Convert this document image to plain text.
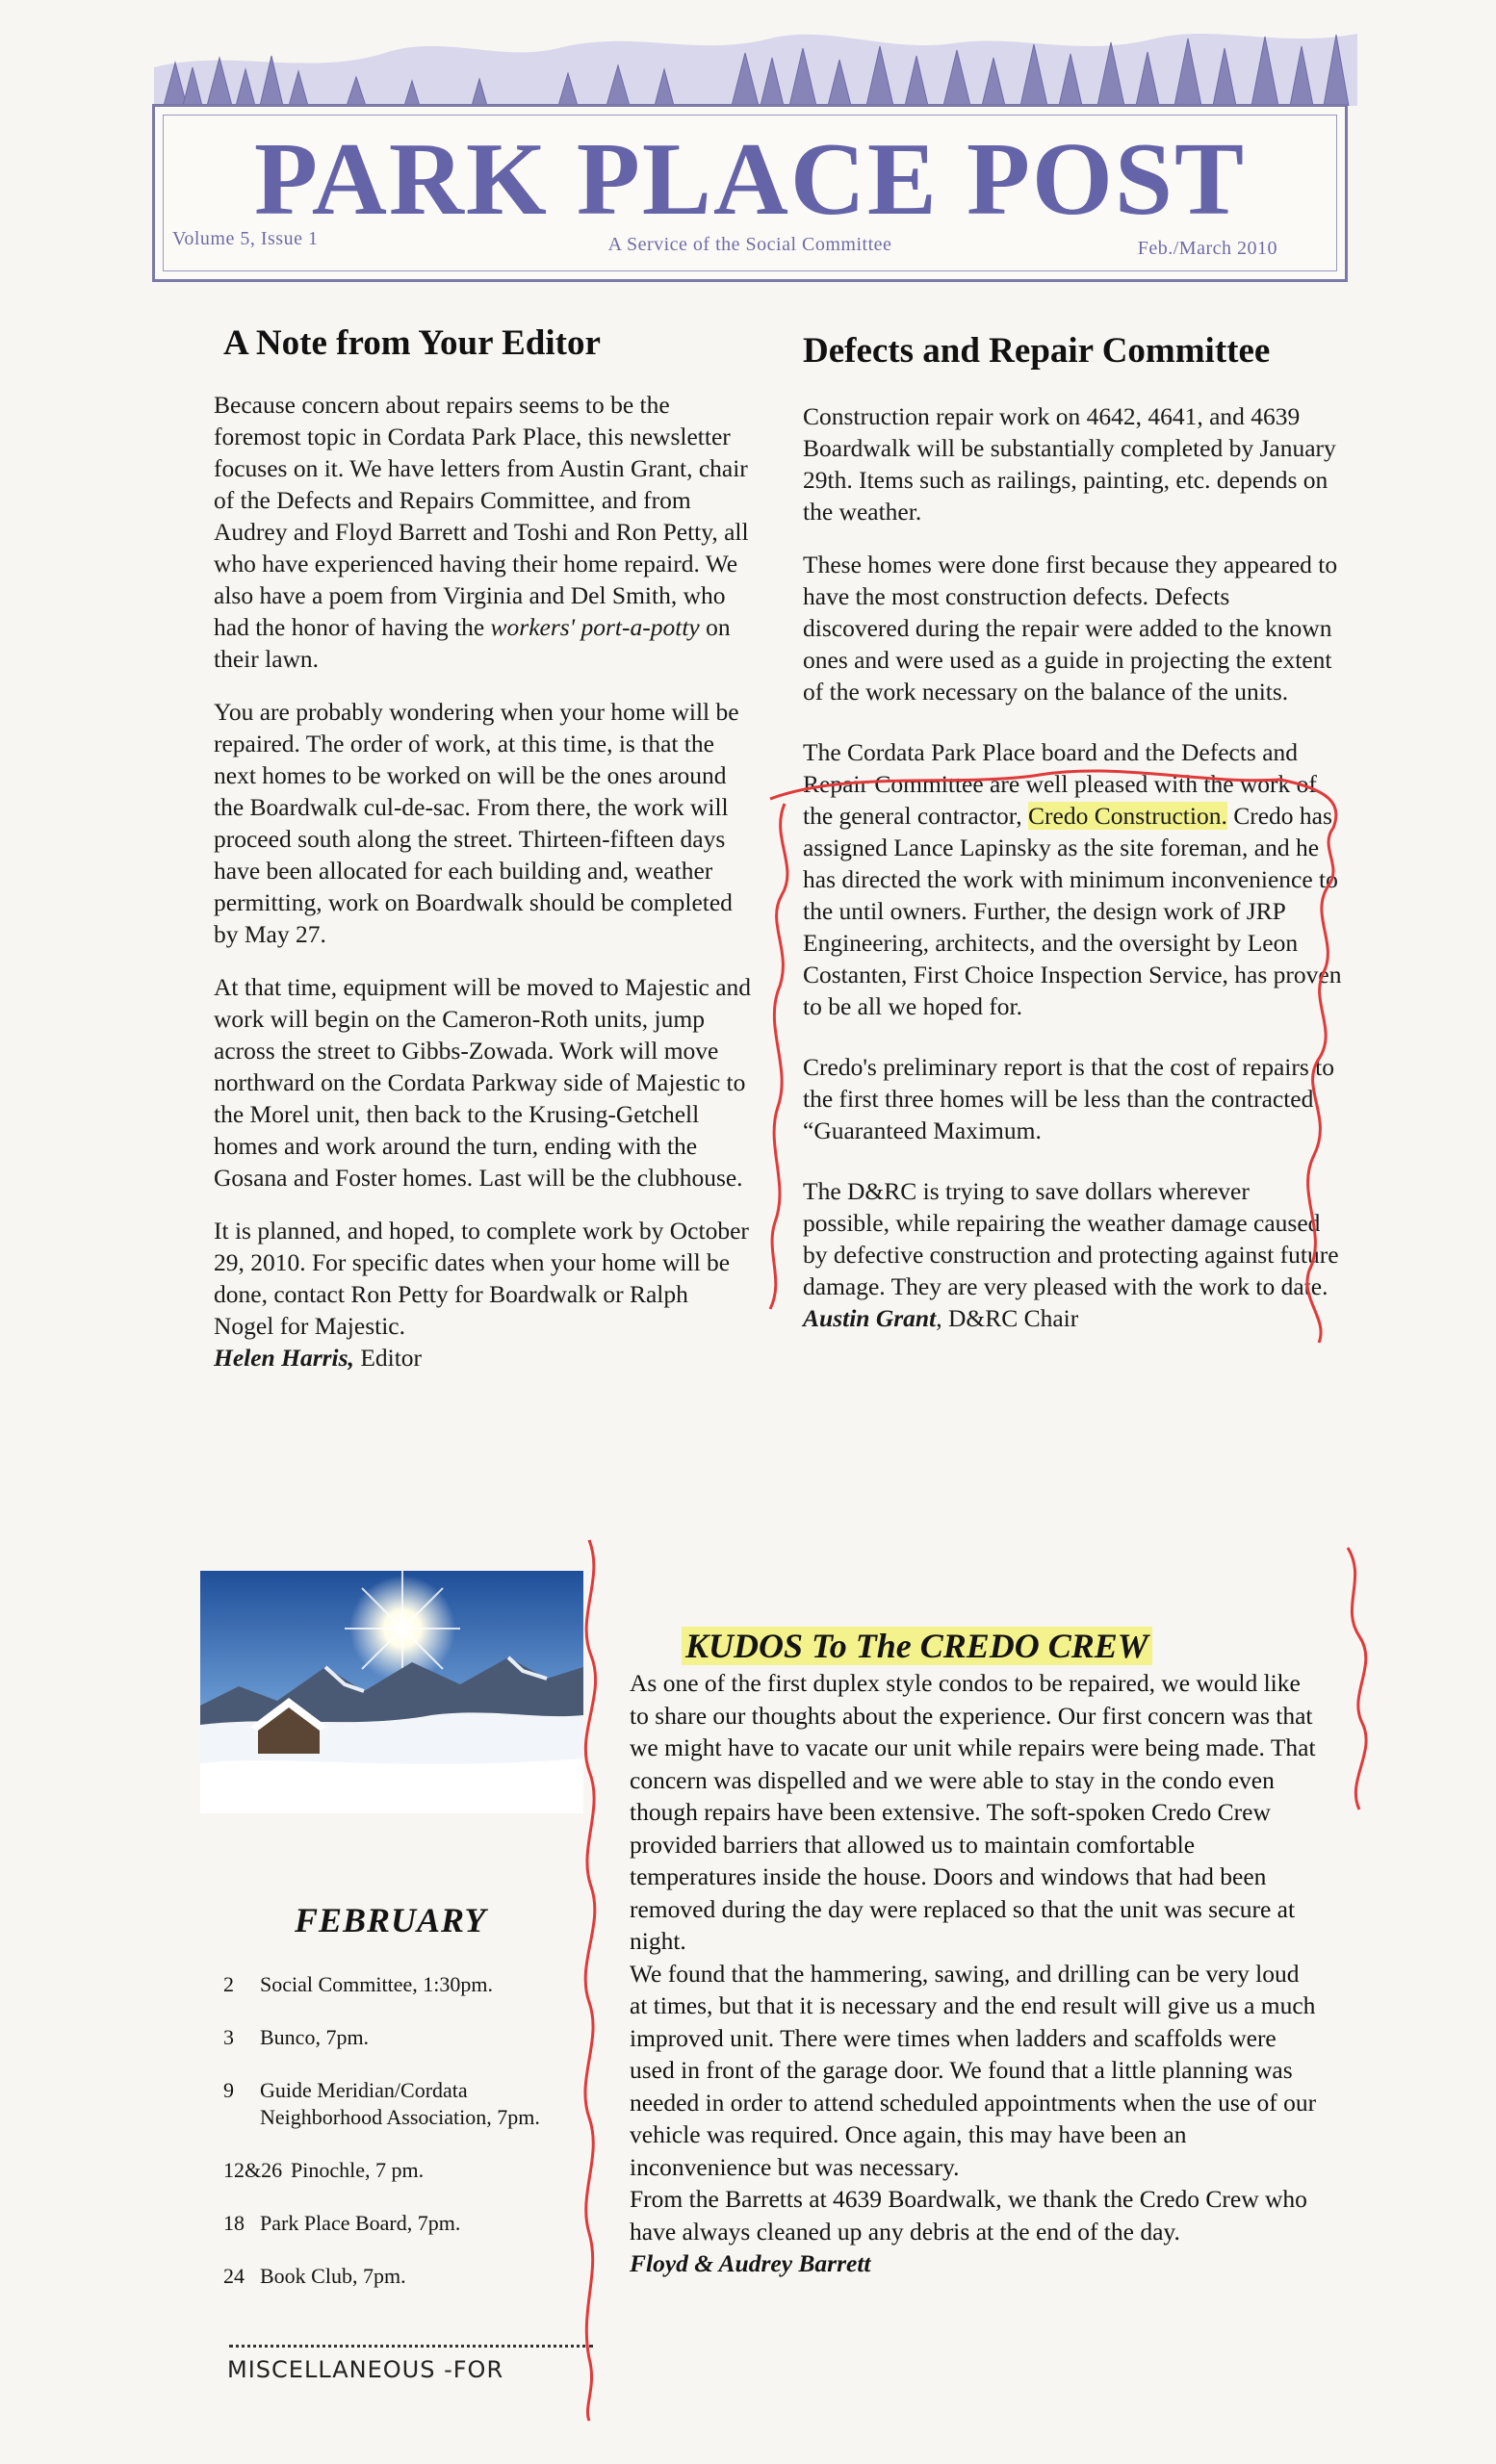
PARK PLACE POST
Volume 5, Issue 1	A Service of the Social Committee	Feb./March 2010
A Note from Your Editor

Because concern about repairs seems to be the foremost topic in Cordata Park Place, this newsletter focuses on it. We have letters from Austin Grant, chair of the Defects and Repairs Committee, and from Audrey and Floyd Barrett and Toshi and Ron Petty, all who have experienced having their home repaird. We also have a poem from Virginia and Del Smith, who had the honor of having the workers' port-a-potty on their lawn.

You are probably wondering when your home will be repaired. The order of work, at this time, is that the next homes to be worked on will be the ones around the Boardwalk cul-de-sac. From there, the work will proceed south along the street. Thirteen-fifteen days have been allocated for each building and, weather permitting, work on Boardwalk should be completed by May 27.

At that time, equipment will be moved to Majestic and work will begin on the Cameron-Roth units, jump across the street to Gibbs-Zowada. Work will move northward on the Cordata Parkway side of Majestic to the Morel unit, then back to the Krusing-Getchell homes and work around the turn, ending with the Gosana and Foster homes. Last will be the clubhouse.

It is planned, and hoped, to complete work by October 29, 2010. For specific dates when your home will be done, contact Ron Petty for Boardwalk or Ralph Nogel for Majestic.
Helen Harris, Editor

Defects and Repair Committee

Construction repair work on 4642, 4641, and 4639 Boardwalk will be substantially completed by January 29th. Items such as railings, painting, etc. depends on the weather.

These homes were done first because they appeared to have the most construction defects. Defects discovered during the repair were added to the known ones and were used as a guide in projecting the extent of the work necessary on the balance of the units.

The Cordata Park Place board and the Defects and Repair Committee are well pleased with the work of the general contractor, Credo Construction. Credo has assigned Lance Lapinsky as the site foreman, and he has directed the work with minimum inconvenience to the until owners. Further, the design work of JRP Engineering, architects, and the oversight by Leon Costanten, First Choice Inspection Service, has proven to be all we hoped for.

Credo's preliminary report is that the cost of repairs to the first three homes will be less than the contracted “Guaranteed Maximum.

The D&RC is trying to save dollars wherever possible, while repairing the weather damage caused by defective construction and protecting against future damage. They are very pleased with the work to date.
Austin Grant, D&RC Chair

FEBRUARY
2	Social Committee, 1:30pm.
3	Bunco, 7pm.
9	Guide Meridian/Cordata Neighborhood Association, 7pm.
12&26 Pinochle, 7 pm.
18 Park Place Board, 7pm.
24 Book Club, 7pm.
MISCELLANEOUS -FOR
KUDOS To The CREDO CREW

As one of the first duplex style condos to be repaired, we would like to share our thoughts about the experience. Our first concern was that we might have to vacate our unit while repairs were being made. That concern was dispelled and we were able to stay in the condo even though repairs have been extensive. The soft-spoken Credo Crew provided barriers that allowed us to maintain comfortable temperatures inside the house. Doors and windows that had been removed during the day were replaced so that the unit was secure at night.

We found that the hammering, sawing, and drilling can be very loud at times, but that it is necessary and the end result will give us a much improved unit. There were times when ladders and scaffolds were used in front of the garage door. We found that a little planning was needed in order to attend scheduled appointments when the use of our vehicle was required. Once again, this may have been an inconvenience but was necessary.

From the Barretts at 4639 Boardwalk, we thank the Credo Crew who have always cleaned up any debris at the end of the day.

Floyd & Audrey Barrett
